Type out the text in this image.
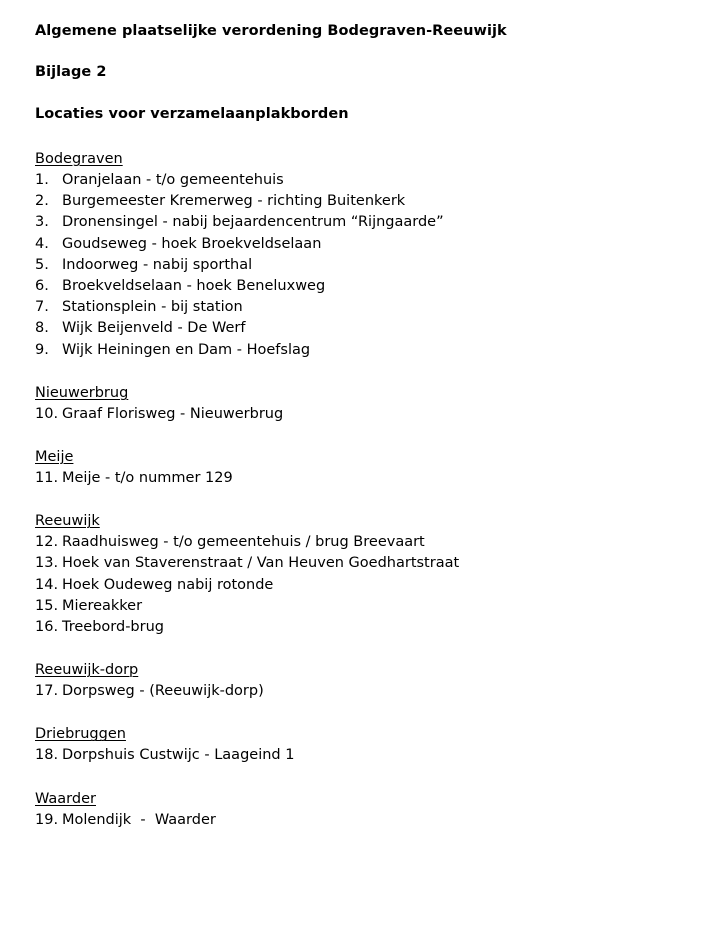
Algemene plaatselijke verordening Bodegraven-Reeuwijk
Bijlage 2
Locaties voor verzamelaanplakborden
Bodegraven
1. Oranjelaan - t/o gemeentehuis
2. Burgemeester Kremerweg - richting Buitenkerk
3. Dronensingel - nabij bejaardencentrum “Rijngaarde”
4. Goudseweg - hoek Broekveldselaan
5. Indoorweg - nabij sporthal
6. Broekveldselaan - hoek Beneluxweg
7. Stationsplein - bij station
8. Wijk Beijenveld - De Werf
9. Wijk Heiningen en Dam - Hoefslag
Nieuwerbrug
10. Graaf Florisweg - Nieuwerbrug
Meije
11. Meije - t/o nummer 129
Reeuwijk
12. Raadhuisweg - t/o gemeentehuis / brug Breevaart
13. Hoek van Staverenstraat / Van Heuven Goedhartstraat
14. Hoek Oudeweg nabij rotonde
15. Miereakker
16. Treebord-brug
Reeuwijk-dorp
17. Dorpsweg - (Reeuwijk-dorp)
Driebruggen
18. Dorpshuis Custwijc - Laageind 1
Waarder
19. Molendijk  -  Waarder
